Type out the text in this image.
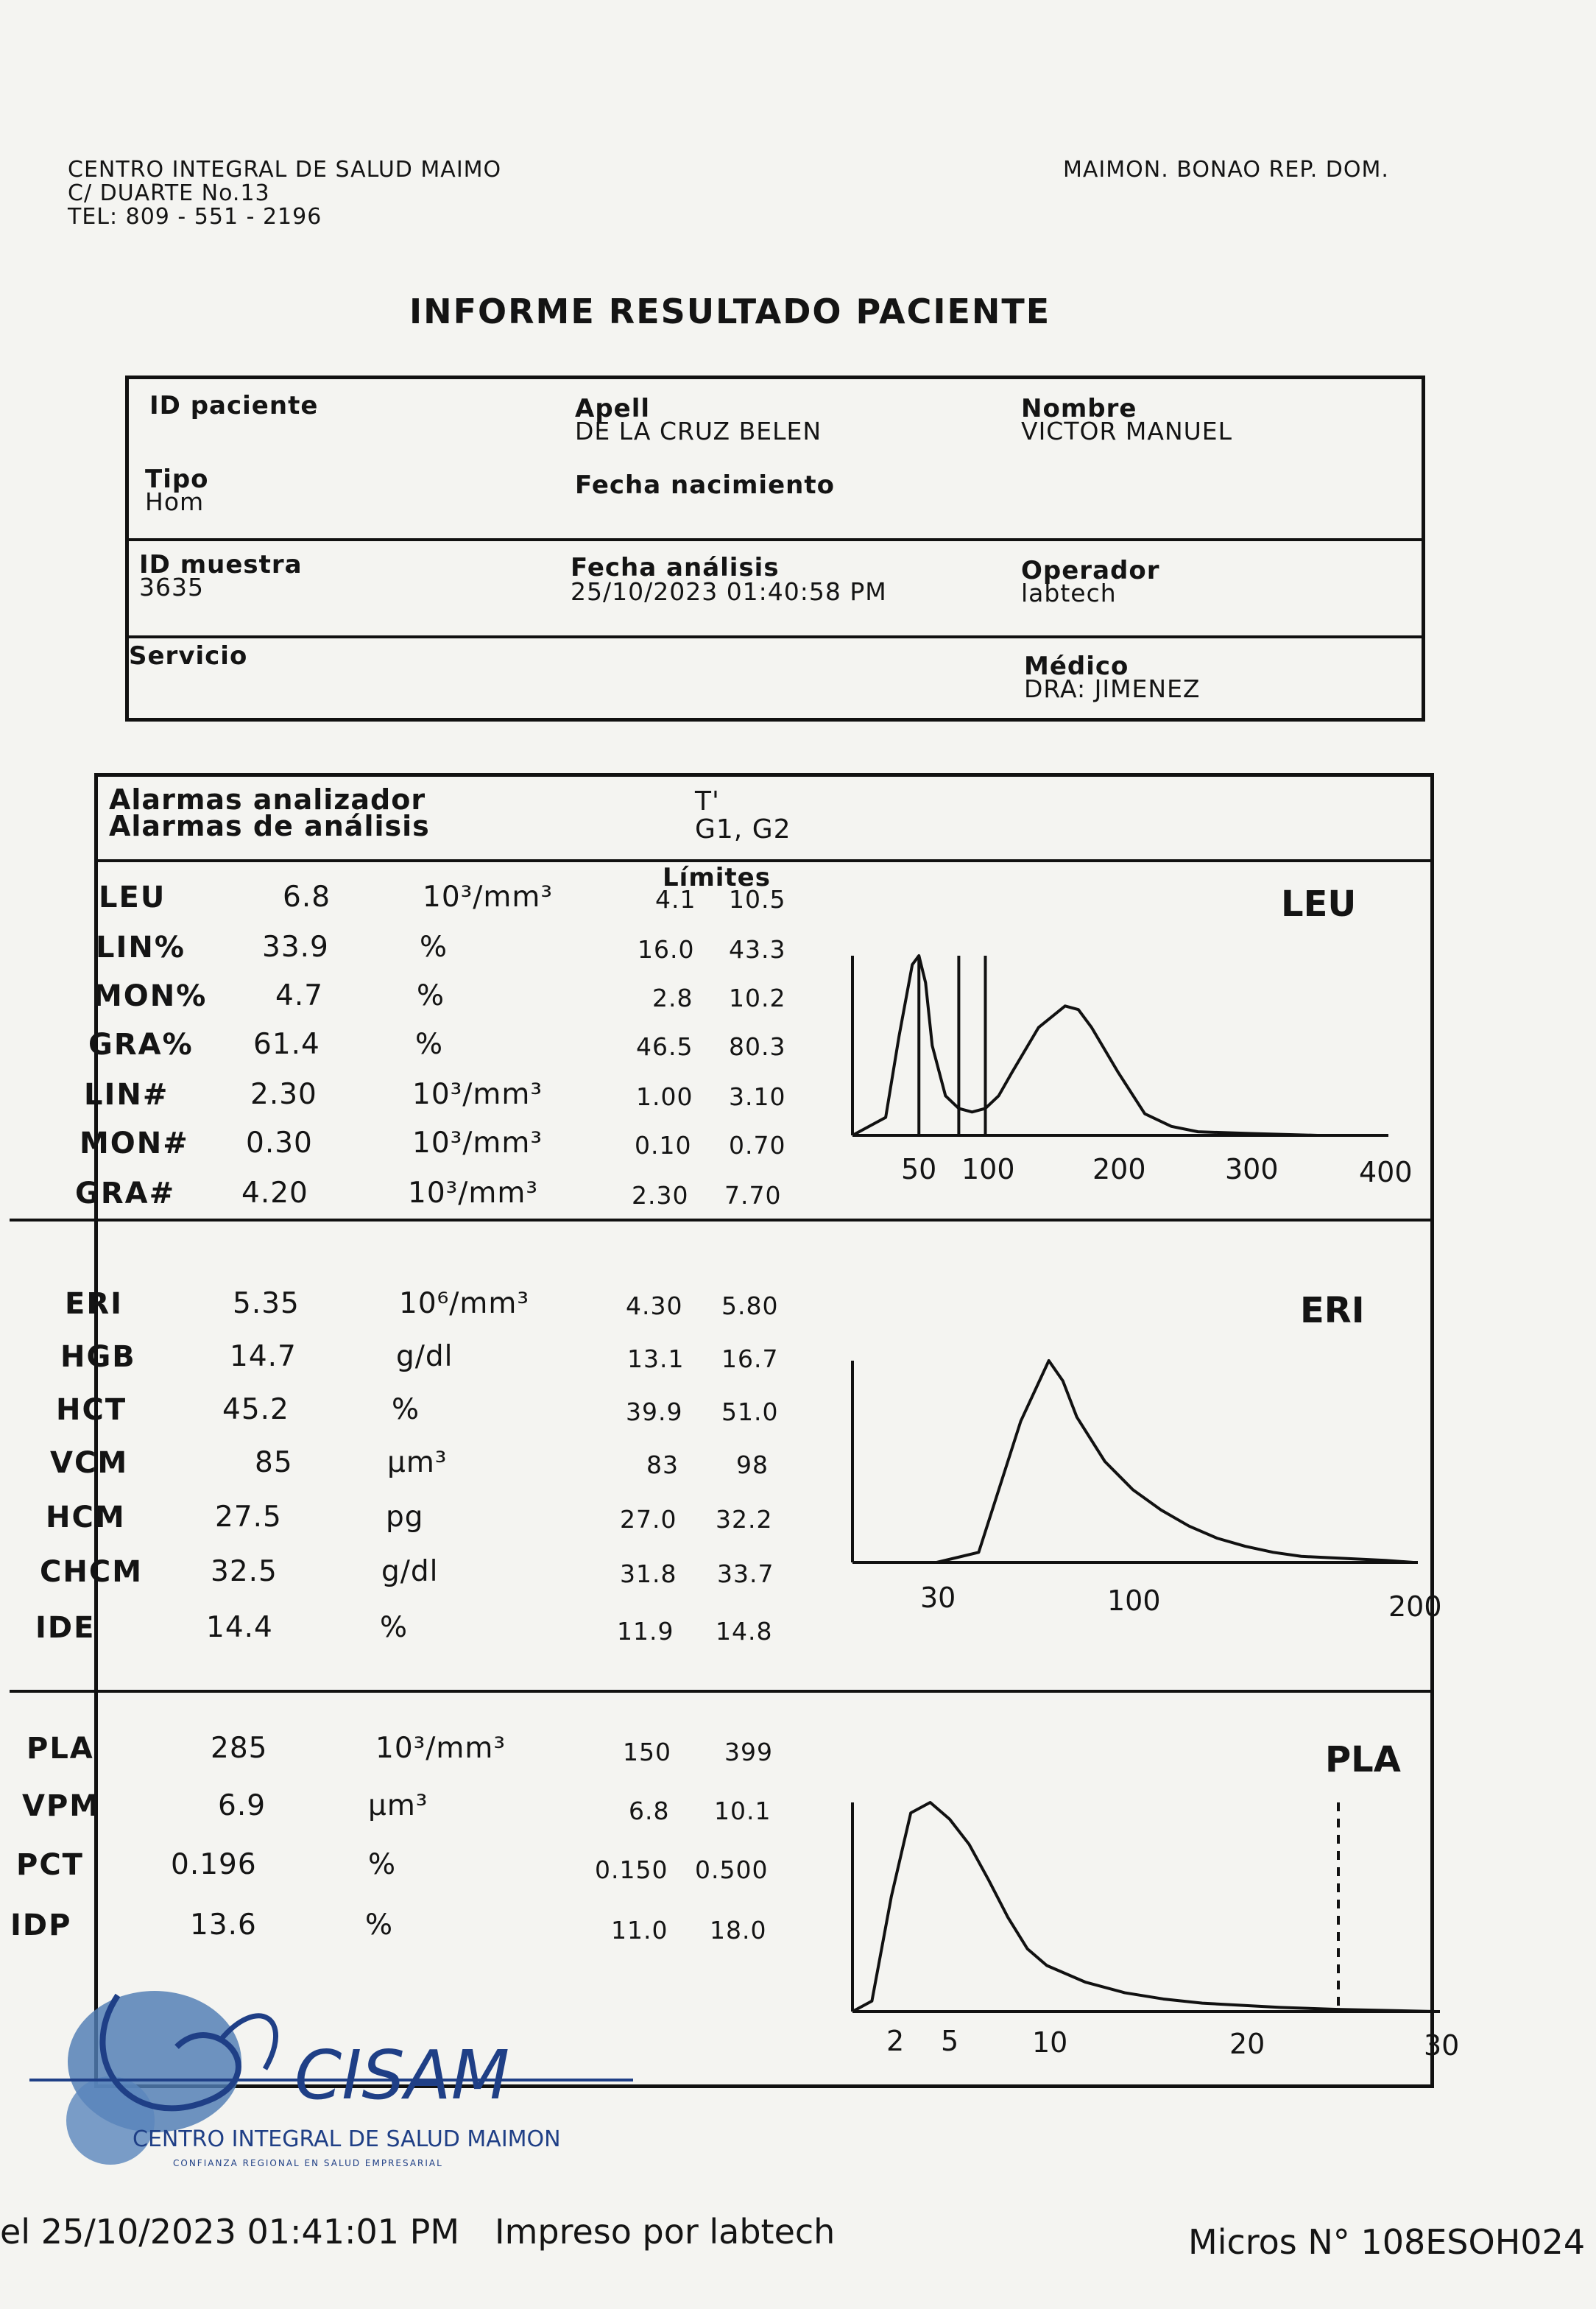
CENTRO INTEGRAL DE SALUD MAIMO
C/ DUARTE No.13
TEL: 809 - 551 - 2196
MAIMON. BONAO REP. DOM.
INFORME RESULTADO PACIENTE
ID paciente	Apell
DE LA CRUZ BELEN
Nombre
VICTOR MANUEL
Tipo
Hom
Fecha nacimiento
ID muestra
3635
Fecha análisis
25/10/2023 01:40:58 PM
Operador
labtech
Servicio	Médico
DRA: JIMENEZ
Alarmas analizador
Alarmas de análisis
T'
G1, G2
Límites
LEU	6.8	10³/mm³	4.1 10.5
LIN%	33.9	%	16.0 43.3
MON% 4.7	%	2.8 10.2
GRA% 61.4	%	46.5 80.3
LIN#	2.30	10³/mm³	1.00 3.10
MON# 0.30	10³/mm³	0.10 0.70
GRA# 4.20	10³/mm³	2.30 7.70
ERI	5.35	10⁶/mm³	4.30 5.80
HGB	14.7	g/dl	13.1 16.7
HCT	45.2	%	39.9 51.0
VCM	85	µm³	83 98
HCM	27.5	pg	27.0 32.2
CHCM 32.5	g/dl	31.8 33.7
IDE	14.4	%	11.9 14.8
PLA	285	10³/mm³	150 399
VPM	6.9	µm³	6.8 10.1
PCT	0.196	%	0.150 0.500
IDP	13.6	%	11.0 18.0
LEU
ERI
PLA
50 100	200	300	400
30	100	200
2 5	10	20	30
CISAM
CENTRO INTEGRAL DE SALUD MAIMON
CONFIANZA REGIONAL EN SALUD EMPRESARIAL
el 25/10/2023 01:41:01 PM Impreso por labtech	Micros N° 108ESOH024
